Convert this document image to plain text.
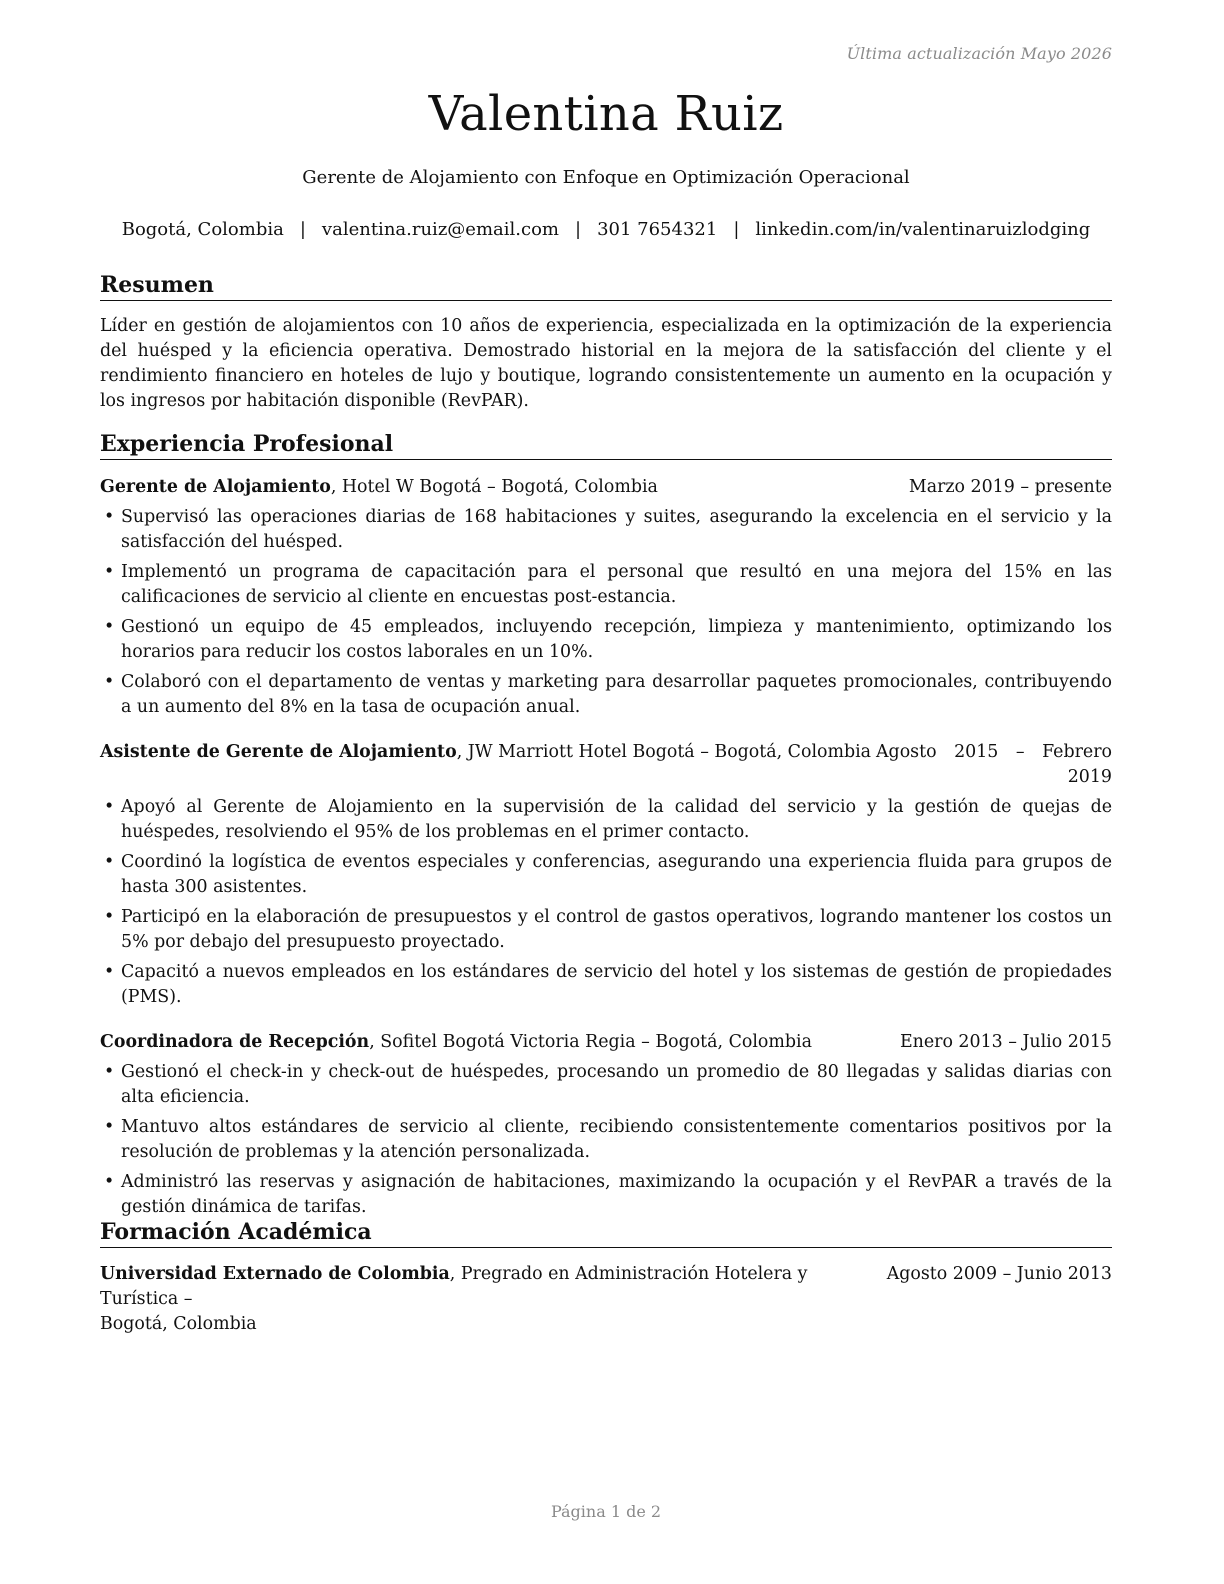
Última actualización Mayo 2026
Valentina Ruiz
Gerente de Alojamiento con Enfoque en Optimización Operacional
Bogotá, Colombia | valentina.ruiz@email.com | 301 7654321 | linkedin.com/in/valentinaruizlodging
Resumen

Líder en gestión de alojamientos con 10 años de experiencia, especializada en la optimización de la experiencia del huésped y la eficiencia operativa. Demostrado historial en la mejora de la satisfacción del cliente y el rendimiento financiero en hoteles de lujo y boutique, logrando consistentemente un aumento en la ocupación y los ingresos por habitación disponible (RevPAR).

Experiencia Profesional
Gerente de Alojamiento, Hotel W Bogotá – Bogotá, Colombia	Marzo 2019 – presente
• Supervisó las operaciones diarias de 168 habitaciones y suites, asegurando la excelencia en el servicio y la satisfacción del huésped.
• Implementó un programa de capacitación para el personal que resultó en una mejora del 15% en las calificaciones de servicio al cliente en encuestas post-estancia.
• Gestionó un equipo de 45 empleados, incluyendo recepción, limpieza y mantenimiento, optimizando los horarios para reducir los costos laborales en un 10%.
• Colaboró con el departamento de ventas y marketing para desarrollar paquetes promocionales, contribuyendo a un aumento del 8% en la tasa de ocupación anual.
Asistente de Gerente de Alojamiento, JW Marriott Hotel Bogotá – Bogotá, Colombia Agosto 2015 – Febrero 2019
• Apoyó al Gerente de Alojamiento en la supervisión de la calidad del servicio y la gestión de quejas de huéspedes, resolviendo el 95% de los problemas en el primer contacto.
• Coordinó la logística de eventos especiales y conferencias, asegurando una experiencia fluida para grupos de hasta 300 asistentes.
• Participó en la elaboración de presupuestos y el control de gastos operativos, logrando mantener los costos un 5% por debajo del presupuesto proyectado.
• Capacitó a nuevos empleados en los estándares de servicio del hotel y los sistemas de gestión de propiedades (PMS).
Coordinadora de Recepción, Sofitel Bogotá Victoria Regia – Bogotá, Colombia	Enero 2013 – Julio 2015
• Gestionó el check-in y check-out de huéspedes, procesando un promedio de 80 llegadas y salidas diarias con alta eficiencia.
• Mantuvo altos estándares de servicio al cliente, recibiendo consistentemente comentarios positivos por la resolución de problemas y la atención personalizada.
• Administró las reservas y asignación de habitaciones, maximizando la ocupación y el RevPAR a través de la gestión dinámica de tarifas.
Formación Académica
Universidad Externado de Colombia, Pregrado en Administración Hotelera y Turística –
Agosto 2009 – Junio 2013
Bogotá, Colombia
Página 1 de 2
